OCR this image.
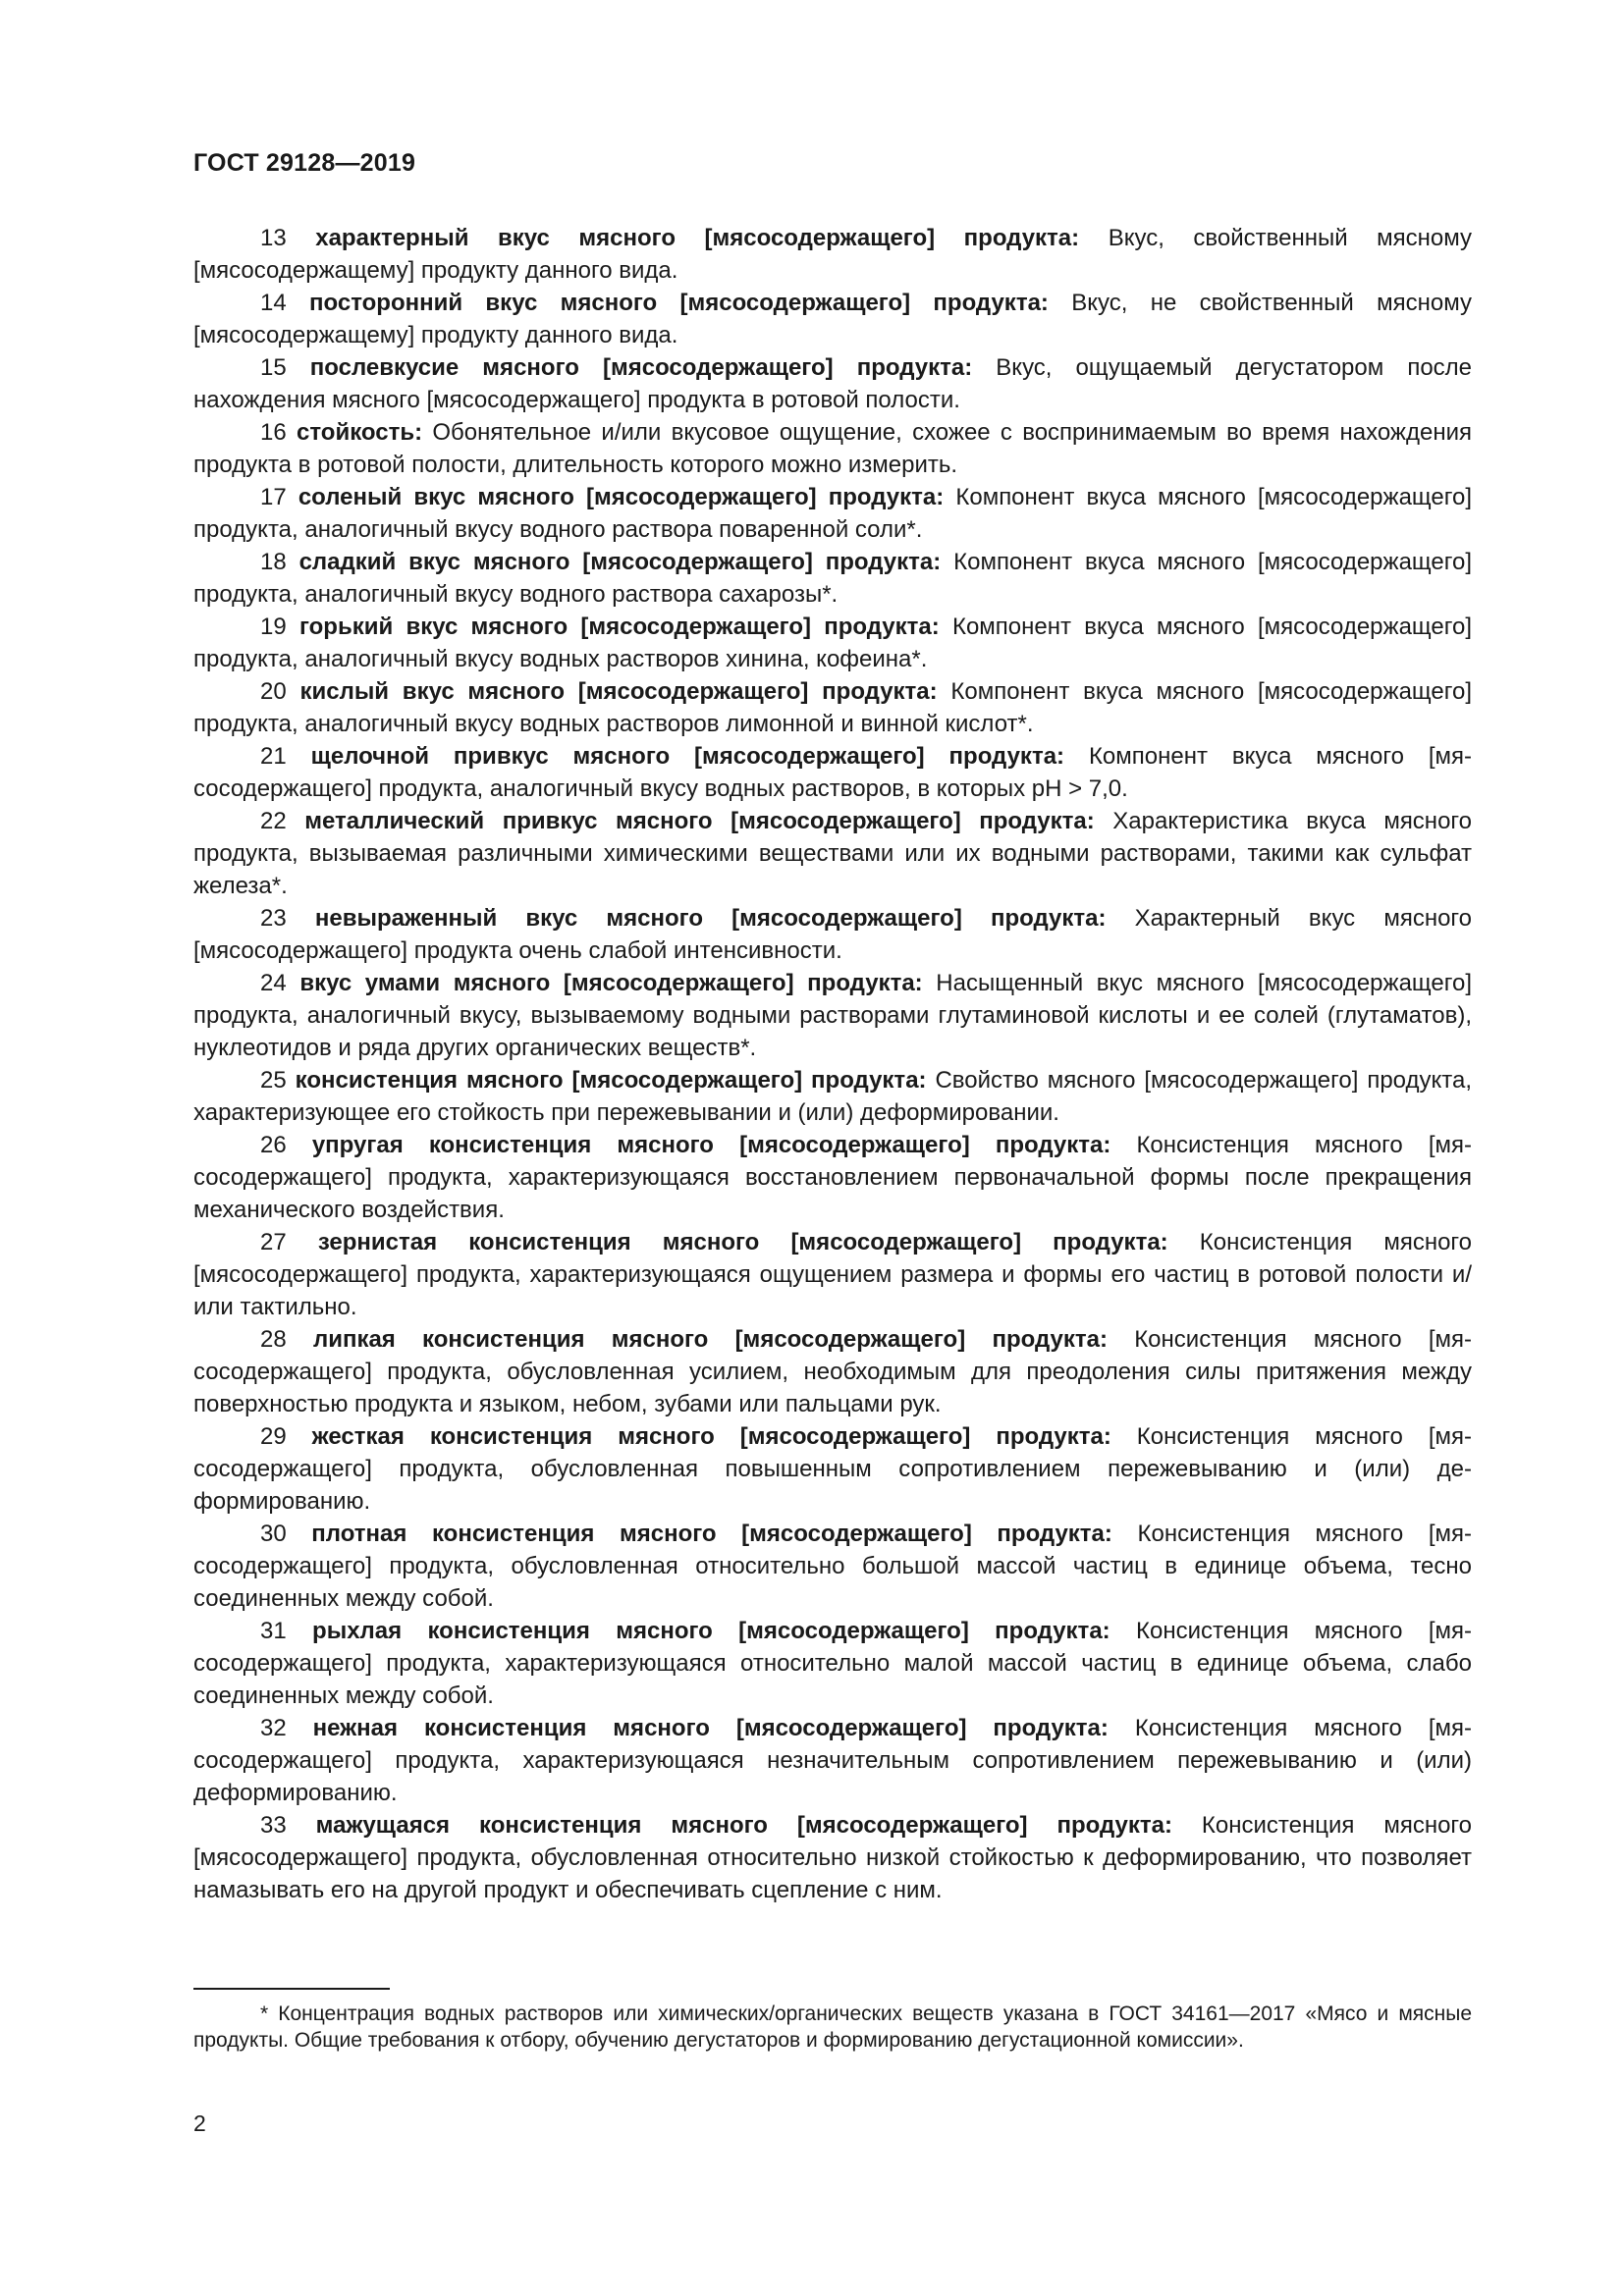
ГОСТ 29128—2019

13 характерный вкус мясного [мясосодержащего] продукта: Вкус, свойственный мясному [мясосодержащему] продукту данного вида.

14 посторонний вкус мясного [мясосодержащего] продукта: Вкус, не свойственный мясному [мясосодержащему] продукту данного вида.

15 послевкусие мясного [мясосодержащего] продукта: Вкус, ощущаемый дегустатором после нахождения мясного [мясосодержащего] продукта в ротовой полости.

16 стойкость: Обонятельное и/или вкусовое ощущение, схожее с воспринимаемым во время нахождения продукта в ротовой полости, длительность которого можно измерить.

17 соленый вкус мясного [мясосодержащего] продукта: Компонент вкуса мясного [мясосодержащего] продукта, аналогичный вкусу водного раствора поваренной соли*.

18 сладкий вкус мясного [мясосодержащего] продукта: Компонент вкуса мясного [мясосодержащего] продукта, аналогичный вкусу водного раствора сахарозы*.

19 горький вкус мясного [мясосодержащего] продукта: Компонент вкуса мясного [мясосодержащего] продукта, аналогичный вкусу водных растворов хинина, кофеина*.

20 кислый вкус мясного [мясосодержащего] продукта: Компонент вкуса мясного [мясосодержащего] продукта, аналогичный вкусу водных растворов лимонной и винной кислот*.

21 щелочной привкус мясного [мясосодержащего] продукта: Компонент вкуса мясного [мясосодержащего] продукта, аналогичный вкусу водных растворов, в которых pH > 7,0.

22 металлический привкус мясного [мясосодержащего] продукта: Характеристика вкуса мясного продукта, вызываемая различными химическими веществами или их водными растворами, такими как сульфат железа*.

23 невыраженный вкус мясного [мясосодержащего] продукта: Характерный вкус мясного [мясосодержащего] продукта очень слабой интенсивности.

24 вкус умами мясного [мясосодержащего] продукта: Насыщенный вкус мясного [мясосодержащего] продукта, аналогичный вкусу, вызываемому водными растворами глутаминовой кислоты и ее солей (глутаматов), нуклеотидов и ряда других органических веществ*.

25 консистенция мясного [мясосодержащего] продукта: Свойство мясного [мясосодержащего] продукта, характеризующее его стойкость при пережевывании и (или) деформировании.

26 упругая консистенция мясного [мясосодержащего] продукта: Консистенция мясного [мясосодержащего] продукта, характеризующаяся восстановлением первоначальной формы после прекращения механического воздействия.

27 зернистая консистенция мясного [мясосодержащего] продукта: Консистенция мясного [мясосодержащего] продукта, характеризующаяся ощущением размера и формы его частиц в ротовой полости и/или тактильно.

28 липкая консистенция мясного [мясосодержащего] продукта: Консистенция мясного [мясосодержащего] продукта, обусловленная усилием, необходимым для преодоления силы притяжения между поверхностью продукта и языком, небом, зубами или пальцами рук.

29 жесткая консистенция мясного [мясосодержащего] продукта: Консистенция мясного [мясосодержащего] продукта, обусловленная повышенным сопротивлением пережевыванию и (или) деформированию.

30 плотная консистенция мясного [мясосодержащего] продукта: Консистенция мясного [мясосодержащего] продукта, обусловленная относительно большой массой частиц в единице объема, тесно соединенных между собой.

31 рыхлая консистенция мясного [мясосодержащего] продукта: Консистенция мясного [мясосодержащего] продукта, характеризующаяся относительно малой массой частиц в единице объема, слабо соединенных между собой.

32 нежная консистенция мясного [мясосодержащего] продукта: Консистенция мясного [мясосодержащего] продукта, характеризующаяся незначительным сопротивлением пережевыванию и (или) деформированию.

33 мажущаяся консистенция мясного [мясосодержащего] продукта: Консистенция мясного [мясосодержащего] продукта, обусловленная относительно низкой стойкостью к деформированию, что позволяет намазывать его на другой продукт и обеспечивать сцепление с ним.

* Концентрация водных растворов или химических/органических веществ указана в ГОСТ 34161—2017 «Мясо и мясные продукты. Общие требования к отбору, обучению дегустаторов и формированию дегустационной комиссии».
2
